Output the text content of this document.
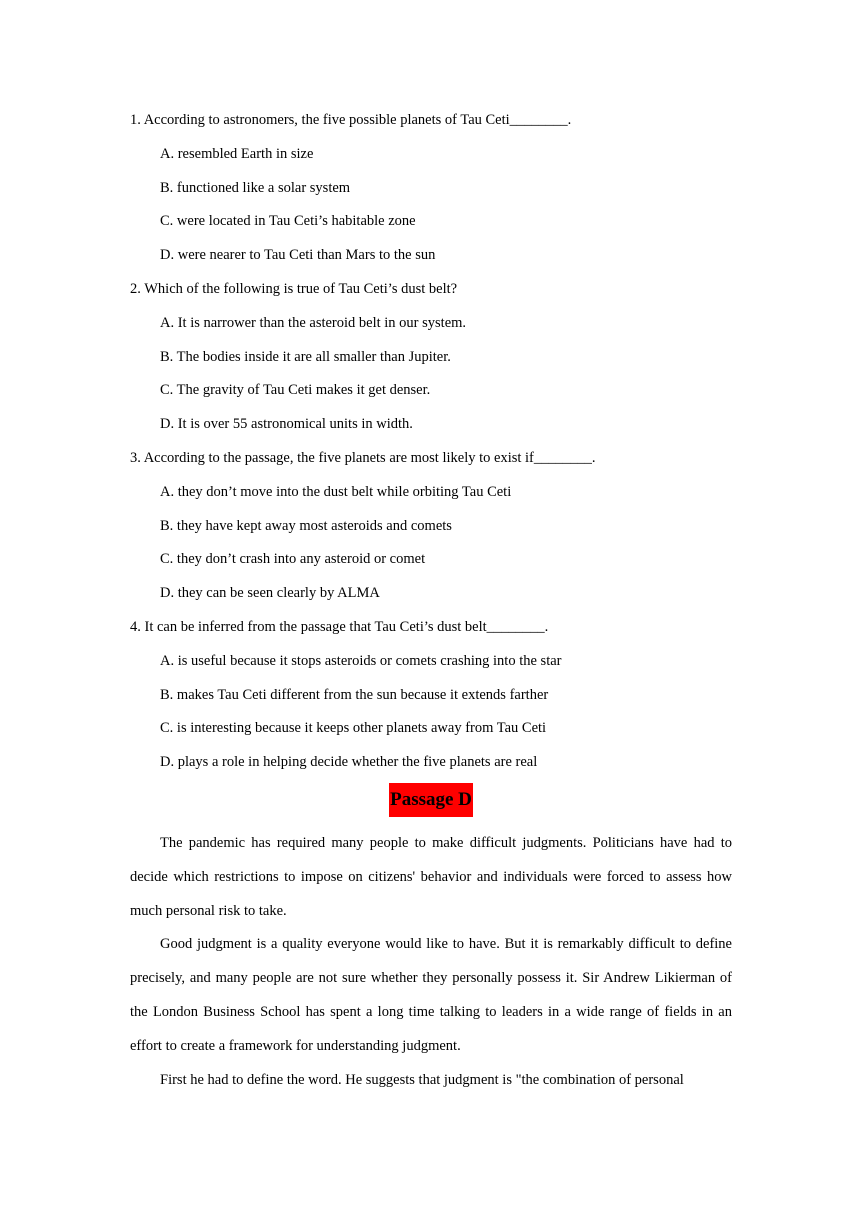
1. According to astronomers, the five possible planets of Tau Ceti________.
A. resembled Earth in size
B. functioned like a solar system
C. were located in Tau Ceti’s habitable zone
D. were nearer to Tau Ceti than Mars to the sun
2. Which of the following is true of Tau Ceti’s dust belt?
A. It is narrower than the asteroid belt in our system.
B. The bodies inside it are all smaller than Jupiter.
C. The gravity of Tau Ceti makes it get denser.
D. It is over 55 astronomical units in width.
3. According to the passage, the five planets are most likely to exist if________.
A. they don’t move into the dust belt while orbiting Tau Ceti
B. they have kept away most asteroids and comets
C. they don’t crash into any asteroid or comet
D. they can be seen clearly by ALMA
4. It can be inferred from the passage that Tau Ceti’s dust belt________.
A. is useful because it stops asteroids or comets crashing into the star
B. makes Tau Ceti different from the sun because it extends farther
C. is interesting because it keeps other planets away from Tau Ceti
D. plays a role in helping decide whether the five planets are real
Passage D

The pandemic has required many people to make difficult judgments. Politicians have had to decide which restrictions to impose on citizens' behavior and individuals were forced to assess how much personal risk to take.

Good judgment is a quality everyone would like to have. But it is remarkably difficult to define precisely, and many people are not sure whether they personally possess it. Sir Andrew Likierman of the London Business School has spent a long time talking to leaders in a wide range of fields in an effort to create a framework for understanding judgment.

First he had to define the word. He suggests that judgment is "the combination of personal
